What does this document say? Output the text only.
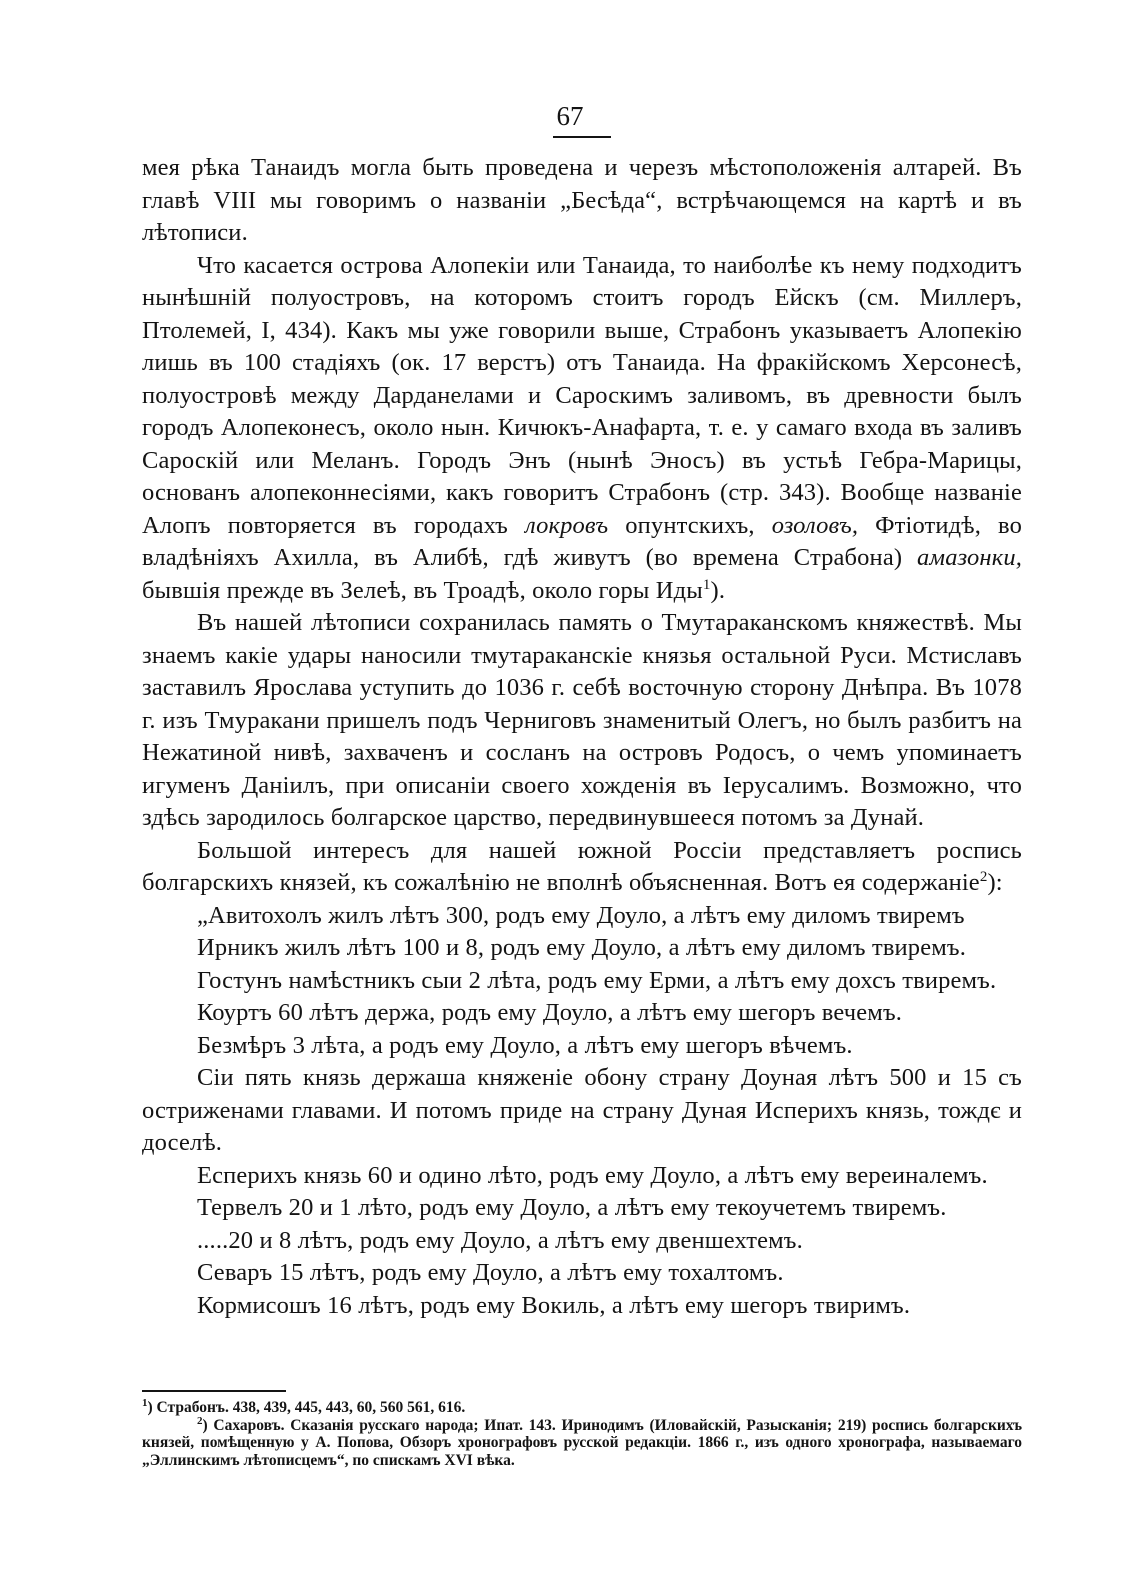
67

мея рѣка Танаидъ могла быть проведена и черезъ мѣстоположенія алтарей. Въ главѣ VIII мы говоримъ о названіи „Бесѣда“, встрѣчающемся на картѣ и въ лѣтописи.

Что касается острова Алопекіи или Танаида, то наиболѣе къ нему подходитъ нынѣшній полуостровъ, на которомъ стоитъ городъ Ейскъ (см. Миллеръ, Птолемей, I, 434). Какъ мы уже говорили выше, Страбонъ указываетъ Алопекію лишь въ 100 стадіяхъ (ок. 17 верстъ) отъ Танаида. На фракійскомъ Херсонесѣ, полуостровѣ между Дарданелами и Сароскимъ заливомъ, въ древности былъ городъ Алопеконесъ, около нын. Кичюкъ-Анафарта, т. е. у самаго входа въ заливъ Сароскій или Меланъ. Городъ Энъ (нынѣ Эносъ) въ устьѣ Гебра-Марицы, основанъ алопеконнесіями, какъ говоритъ Страбонъ (стр. 343). Вообще названіе Алопъ повторяется въ городахъ локровъ опунтскихъ, озоловъ, Фтіотидѣ, во владѣніяхъ Ахилла, въ Алибѣ, гдѣ живутъ (во времена Страбона) амазонки, бывшія прежде въ Зелеѣ, въ Троадѣ, около горы Иды$^1$).

Въ нашей лѣтописи сохранилась память о Тмутараканскомъ княжествѣ. Мы знаемъ какіе удары наносили тмутараканскіе князья остальной Руси. Мстиславъ заставилъ Ярослава уступить до 1036 г. себѣ восточную сторону Днѣпра. Въ 1078 г. изъ Тмуракани пришелъ подъ Черниговъ знаменитый Олегъ, но былъ разбитъ на Нежатиной нивѣ, захваченъ и сосланъ на островъ Родосъ, о чемъ упоминаетъ игуменъ Даніилъ, при описаніи своего хожденія въ Іерусалимъ. Возможно, что здѣсь зародилось болгарское царство, передвинувшееся потомъ за Дунай.

Большой интересъ для нашей южной Россіи представляетъ роспись болгарскихъ князей, къ сожалѣнію не вполнѣ объясненная. Вотъ ея содержаніе$^2$):

„Авитохолъ жилъ лѣтъ 300, родъ ему Доуло, а лѣтъ ему диломъ твиремъ

Ирникъ жилъ лѣтъ 100 и 8, родъ ему Доуло, а лѣтъ ему диломъ твиремъ.

Гостунъ намѣстникъ сыи 2 лѣта, родъ ему Ерми, а лѣтъ ему дохсъ твиремъ.

Коуртъ 60 лѣтъ держа, родъ ему Доуло, а лѣтъ ему шегоръ вечемъ.

Безмѣръ 3 лѣта, а родъ ему Доуло, а лѣтъ ему шегоръ вѣчемъ.

Сіи пять князь держаша княженіе обону страну Доуная лѣтъ 500 и 15 съ остриженами главами. И потомъ приде на страну Дуная Исперихъ князь, тождє и доселѣ.

Есперихъ князь 60 и одино лѣто, родъ ему Доуло, а лѣтъ ему вереиналемъ.

Тервелъ 20 и 1 лѣто, родъ ему Доуло, а лѣтъ ему текоучетемъ твиремъ.

.....20 и 8 лѣтъ, родъ ему Доуло, а лѣтъ ему двеншехтемъ.

Севаръ 15 лѣтъ, родъ ему Доуло, а лѣтъ ему тохалтомъ.

Кормисошъ 16 лѣтъ, родъ ему Вокиль, а лѣтъ ему шегоръ твиримъ.

$^1$) Страбонъ. 438, 439, 445, 443, 60, 560 561, 616.

$^2$) Сахаровъ. Сказанія русскаго народа; Ипат. 143. Иринодимъ (Иловайскій, Разысканія; 219) роспись болгарскихъ князей, помѣщенную у А. Попова, Обзоръ хронографовъ русской редакціи. 1866 г., изъ одного хронографа, называемаго „Эллинскимъ лѣтописцемъ“, по спискамъ XVI вѣка.
